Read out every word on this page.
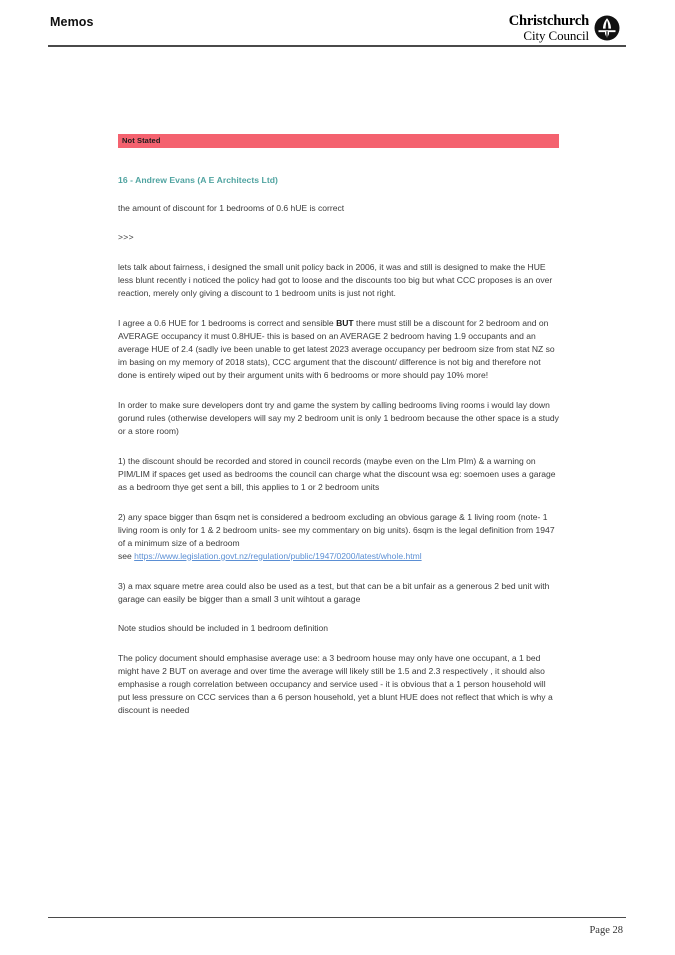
Memos	Christchurch
City Council
Not Stated
16 - Andrew Evans (A E Architects Ltd)
the amount of discount for 1 bedrooms of 0.6 hUE is correct
>>>
lets talk about fairness, i designed the small unit policy back in 2006, it was and still is designed to make the HUE less blunt recently i noticed the policy had got to loose and the discounts too big but what CCC proposes is an over reaction, merely only giving a discount to 1 bedroom units is just not right.
I agree a 0.6 HUE for 1 bedrooms is correct and sensible BUT there must still be a discount for 2 bedroom and on AVERAGE occupancy it must 0.8HUE- this is based on an AVERAGE 2 bedroom having 1.9 occupants and an average HUE of 2.4 (sadly ive been unable to get latest 2023 average occupancy per bedroom size from stat NZ so im basing on my memory of 2018 stats), CCC argument that the discount/ difference is not big and therefore not done is entirely wiped out by their argument units with 6 bedrooms or more should pay 10% more!
In order to make sure developers dont try and game the system by calling bedrooms living rooms i would lay down gorund rules (otherwise developers will say my 2 bedroom unit is only 1 bedroom because the other space is a study or a store room)
1) the discount should be recorded and stored in council records (maybe even on the LIm PIm) & a warning on PIM/LIM if spaces get used as bedrooms the council can charge what the discount wsa eg: soemoen uses a garage as a bedroom thye get sent a bill, this applies to 1 or 2 bedroom units
2) any space bigger than 6sqm net is considered a bedroom excluding an obvious garage & 1 living room (note- 1 living room is only for 1 & 2 bedroom units- see my commentary on big units). 6sqm is the legal definition from 1947 of a minimum size of a bedroom
see https://www.legislation.govt.nz/regulation/public/1947/0200/latest/whole.html
3) a max square metre area could also be used as a test, but that can be a bit unfair as a generous 2 bed unit with garage can easily be bigger than a small 3 unit wihtout a garage
Note studios should be included in 1 bedroom definition
The policy document should emphasise average use: a 3 bedroom house may only have one occupant, a 1 bed might have 2 BUT on average and over time the average will likely still be 1.5 and 2.3 respectively , it should also emphasise a rough correlation between occupancy and service used - it is obvious that a 1 person household will put less pressure on CCC services than a 6 person household, yet a blunt HUE does not reflect that which is why a discount is needed
Page 28
